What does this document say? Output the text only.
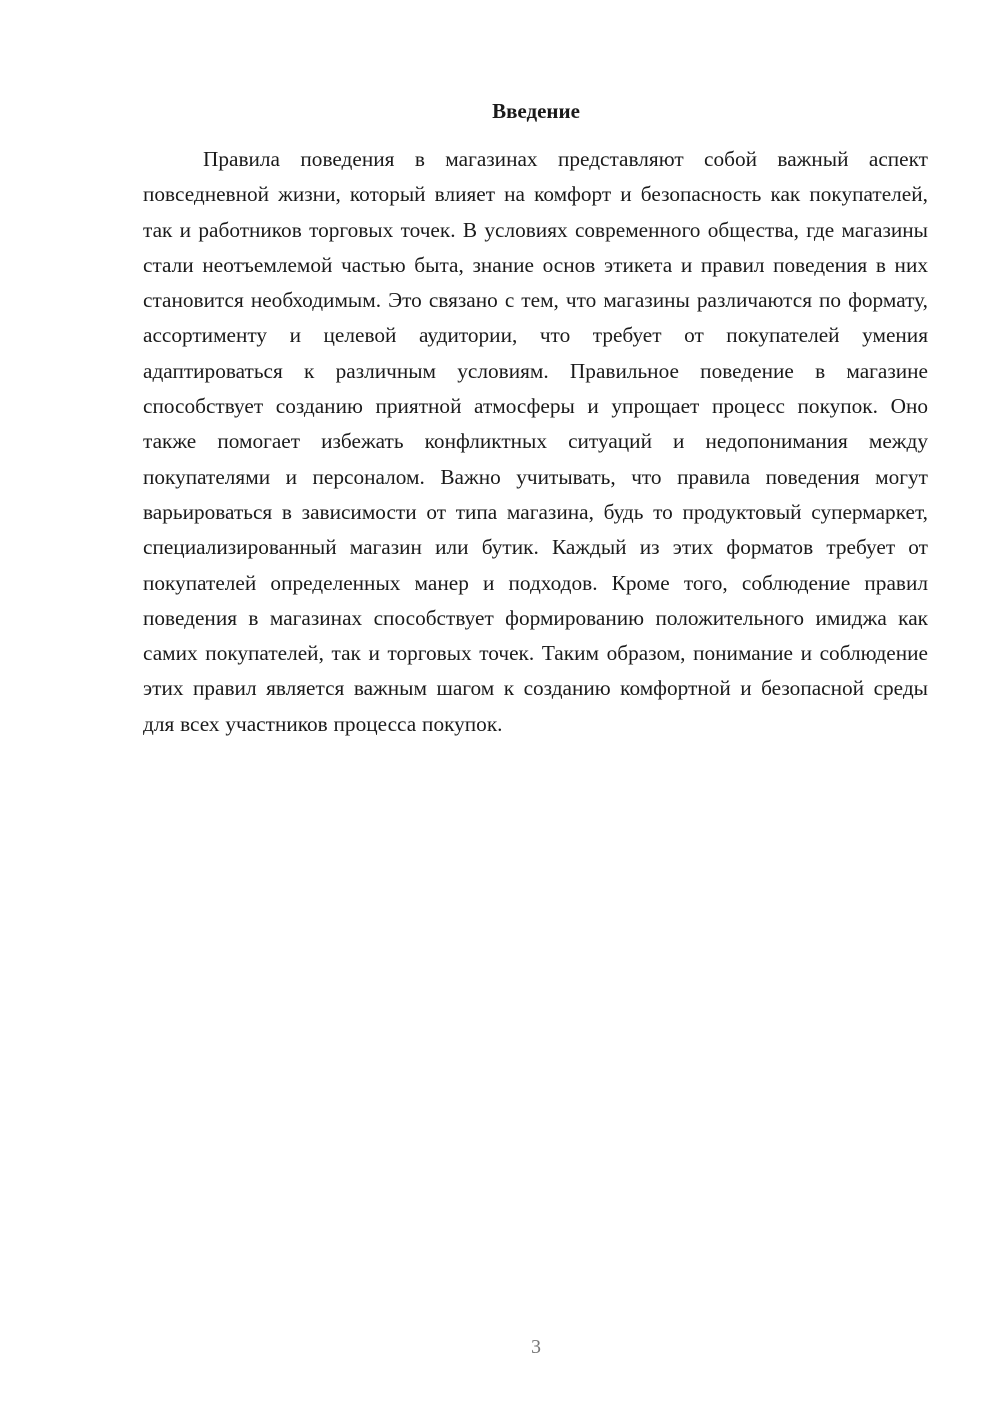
Введение

Правила поведения в магазинах представляют собой важный аспект повседневной жизни, который влияет на комфорт и безопасность как покупателей, так и работников торговых точек. В условиях современного общества, где магазины стали неотъемлемой частью быта, знание основ этикета и правил поведения в них становится необходимым. Это связано с тем, что магазины различаются по формату, ассортименту и целевой аудитории, что требует от покупателей умения адаптироваться к различным условиям. Правильное поведение в магазине способствует созданию приятной атмосферы и упрощает процесс покупок. Оно также помогает избежать конфликтных ситуаций и недопонимания между покупателями и персоналом. Важно учитывать, что правила поведения могут варьироваться в зависимости от типа магазина, будь то продуктовый супермаркет, специализированный магазин или бутик. Каждый из этих форматов требует от покупателей определенных манер и подходов. Кроме того, соблюдение правил поведения в магазинах способствует формированию положительного имиджа как самих покупателей, так и торговых точек. Таким образом, понимание и соблюдение этих правил является важным шагом к созданию комфортной и безопасной среды для всех участников процесса покупок.

3
